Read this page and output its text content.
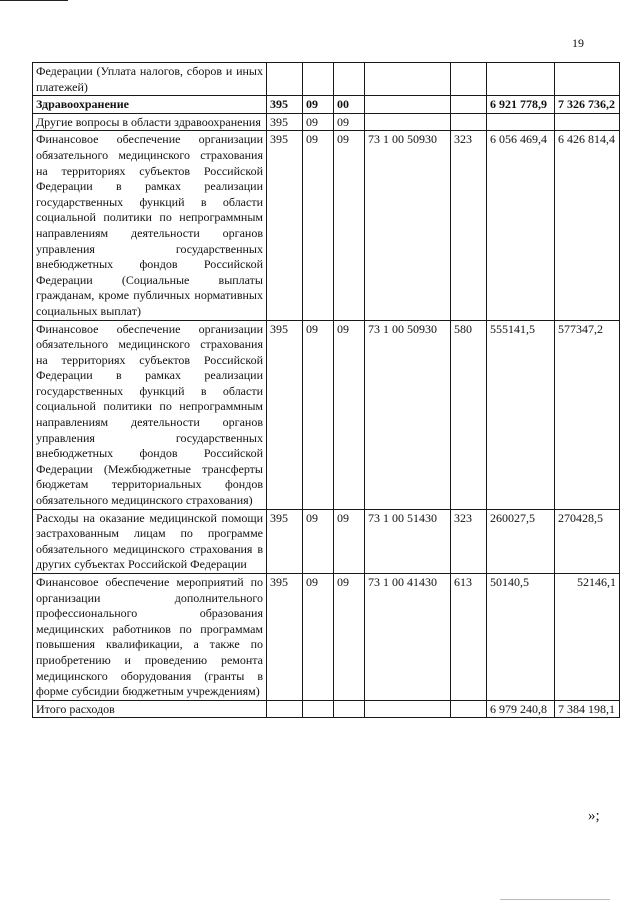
19
Федерации (Уплата налогов, сборов и иных платежей)							
Здравоохранение	395	09	00			6 921 778,9	7 326 736,2
Другие вопросы в области здравоохранения	395	09	09				
Финансовое обеспечение организации обязательного медицинского страхования на территориях субъектов Российской Федерации в рамках реализации государственных функций в области социальной политики по непрограммным направлениям деятельности органов управления государственных внебюджетных фондов Российской Федерации (Социальные выплаты гражданам, кроме публичных нормативных социальных выплат)	395	09	09	73 1 00 50930	323	6 056 469,4	6 426 814,4
Финансовое обеспечение организации обязательного медицинского страхования на территориях субъектов Российской Федерации в рамках реализации государственных функций в области социальной политики по непрограммным направлениям деятельности органов управления государственных внебюджетных фондов Российской Федерации (Межбюджетные трансферты бюджетам территориальных фондов обязательного медицинского страхования)	395	09	09	73 1 00 50930	580	555141,5	577347,2
Расходы на оказание медицинской помощи застрахованным лицам по программе обязательного медицинского страхования в других субъектах Российской Федерации	395	09	09	73 1 00 51430	323	260027,5	270428,5
Финансовое обеспечение мероприятий по организации дополнительного профессионального образования медицинских работников по программам повышения квалификации, а также по приобретению и проведению ремонта медицинского оборудования (гранты в форме субсидии бюджетным учреждениям)	395	09	09	73 1 00 41430	613	50140,5	52146,1
Итого расходов						6 979 240,8	7 384 198,1
»;
